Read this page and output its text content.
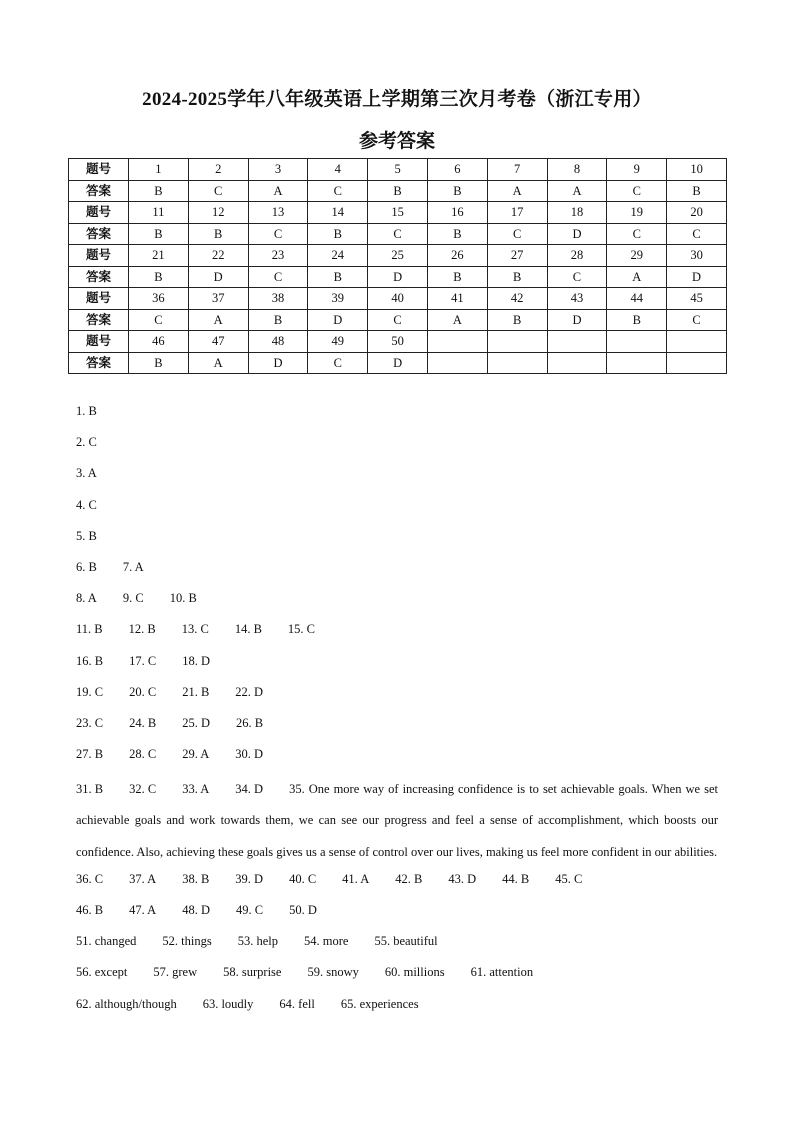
2024-2025学年八年级英语上学期第三次月考卷（浙江专用）
参考答案
题号	1	2	3	4	5	6	7	8	9	10
答案	B	C	A	C	B	B	A	A	C	B
题号	11	12	13	14	15	16	17	18	19	20
答案	B	B	C	B	C	B	C	D	C	C
题号	21	22	23	24	25	26	27	28	29	30
答案	B	D	C	B	D	B	B	C	A	D
题号	36	37	38	39	40	41	42	43	44	45
答案	C	A	B	D	C	A	B	D	B	C
题号	46	47	48	49	50					
答案	B	A	D	C	D					
1. B
2. C
3. A
4. C
5. B
6. B 7. A
8. A 9. C 10. B
11. B 12. B 13. C 14. B 15. C
16. B 17. C 18. D
19. C 20. C 21. B 22. D
23. C 24. B 25. D 26. B
27. B 28. C 29. A 30. D
31. B 32. C 33. A 34. D 35. One more way of increasing confidence is to set achievable goals. When we set achievable goals and work towards them, we can see our progress and feel a sense of accomplishment, which boosts our confidence. Also, achieving these goals gives us a sense of control over our lives, making us feel more confident in our abilities.
36. C 37. A 38. B 39. D 40. C 41. A 42. B 43. D 44. B 45. C
46. B 47. A 48. D 49. C 50. D
51. changed 52. things 53. help 54. more 55. beautiful
56. except 57. grew 58. surprise 59. snowy 60. millions 61. attention
62. although/though 63. loudly 64. fell 65. experiences
